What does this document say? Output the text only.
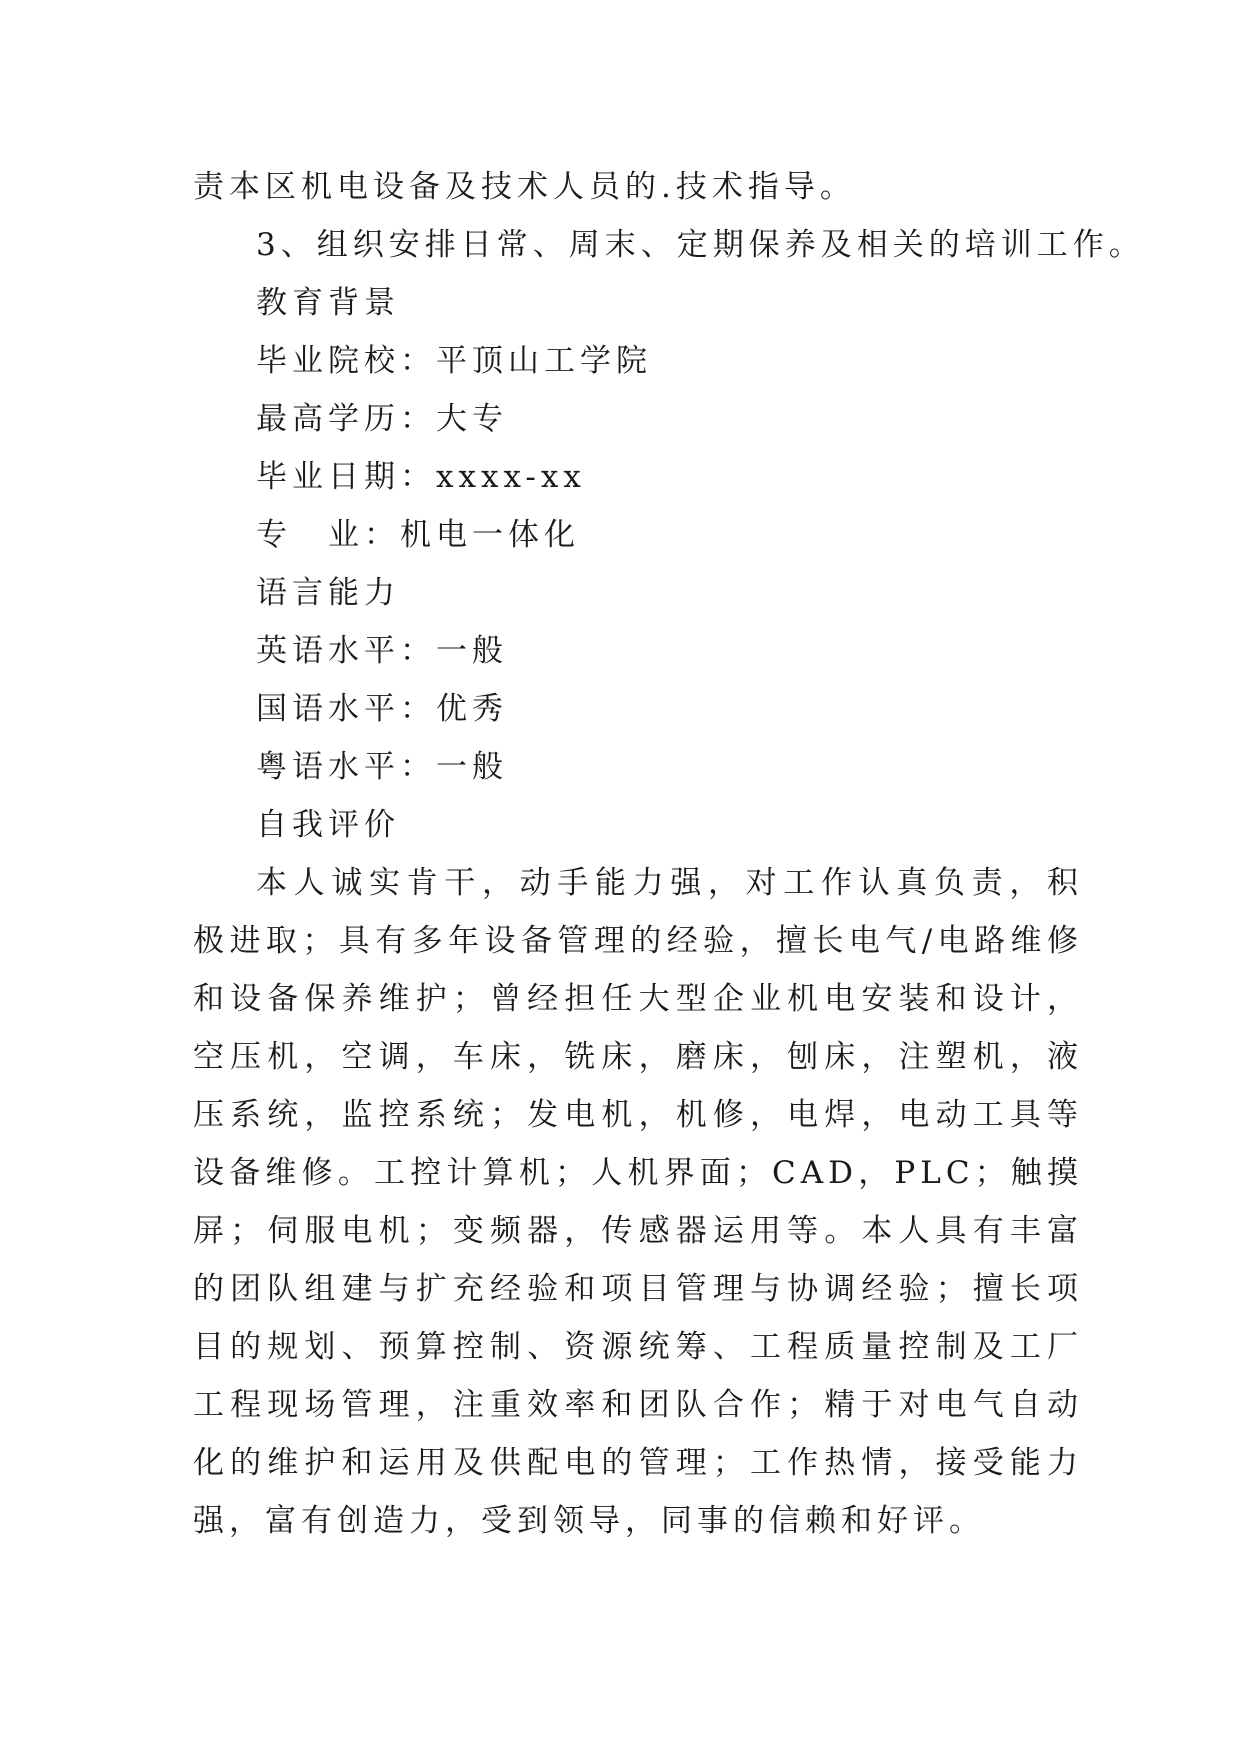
责本区机电设备及技术人员的.技术指导。
3、组织安排日常、周末、定期保养及相关的培训工作。
教育背景
毕业院校：平顶山工学院
最高学历：大专
毕业日期：xxxx-xx
专　业：机电一体化
语言能力
英语水平：一般
国语水平：优秀
粤语水平：一般
自我评价
本人诚实肯干，动手能力强，对工作认真负责，积极进取；具有多年设备管理的经验，擅长电气/电路维修和设备保养维护；曾经担任大型企业机电安装和设计，空压机，空调，车床，铣床，磨床，刨床，注塑机，液压系统，监控系统；发电机，机修，电焊，电动工具等设备维修。工控计算机；人机界面；CAD，PLC；触摸屏；伺服电机；变频器，传感器运用等。本人具有丰富的团队组建与扩充经验和项目管理与协调经验；擅长项目的规划、预算控制、资源统筹、工程质量控制及工厂工程现场管理，注重效率和团队合作；精于对电气自动化的维护和运用及供配电的管理；工作热情，接受能力强，富有创造力，受到领导，同事的信赖和好评。
